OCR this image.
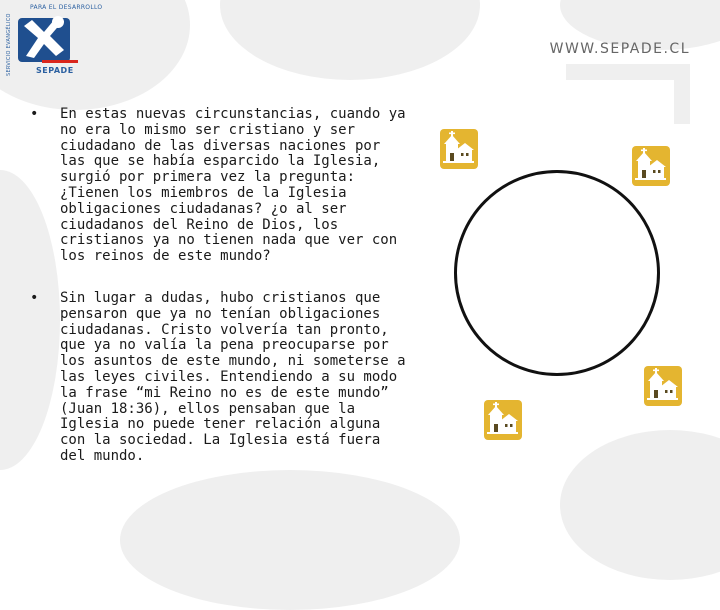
SERVICIO EVANGÉLICO
PARA EL DESARROLLO
SEPADE
WWW.SEPADE.CL
• En estas nuevas circunstancias, cuando ya no era lo mismo ser cristiano y ser ciudadano de las diversas naciones por las que se había esparcido la Iglesia, surgió por primera vez la pregunta: ¿Tienen los miembros de la Iglesia obligaciones ciudadanas? ¿o al ser ciudadanos del Reino de Dios, los cristianos ya no tienen nada que ver con los reinos de este mundo?
• Sin lugar a dudas, hubo cristianos que pensaron que ya no tenían obligaciones ciudadanas. Cristo volvería tan pronto, que ya no valía la pena preocuparse por los asuntos de este mundo, ni someterse a las leyes civiles. Entendiendo a su modo la frase “mi Reino no es de este mundo” (Juan 18:36), ellos pensaban que la Iglesia no puede tener relación alguna con la sociedad. La Iglesia está fuera del mundo.
